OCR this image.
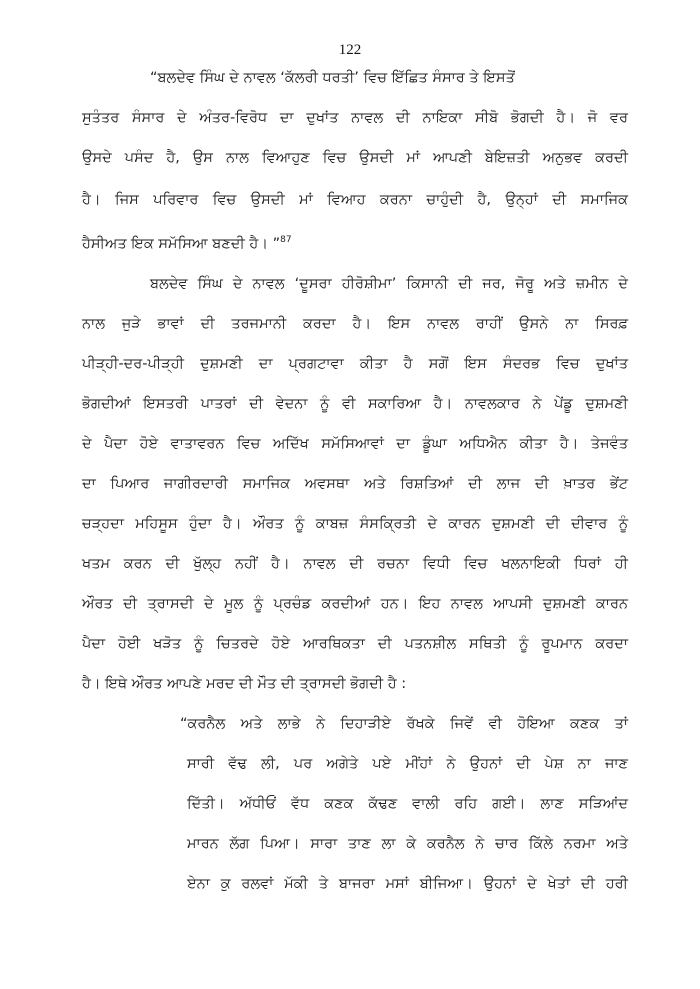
122
“ਬਲਦੇਵ ਸਿੰਘ ਦੇ ਨਾਵਲ ‘ਕੱਲਰੀ ਧਰਤੀ’ ਵਿਚ ਇੱਛਿਤ ਸੰਸਾਰ ਤੇ ਇਸਤੋਂ
ਸੁਤੰਤਰ ਸੰਸਾਰ ਦੇ ਅੰਤਰ-ਵਿਰੋਧ ਦਾ ਦੁਖਾਂਤ ਨਾਵਲ ਦੀ ਨਾਇਕਾ ਸੀਬੋ ਭੋਗਦੀ ਹੈ। ਜੋ ਵਰ
ਉਸਦੇ ਪਸੰਦ ਹੈ, ਉਸ ਨਾਲ ਵਿਆਹੁਣ ਵਿਚ ਉਸਦੀ ਮਾਂ ਆਪਣੀ ਬੇਇਜ਼ਤੀ ਅਨੁਭਵ ਕਰਦੀ
ਹੈ। ਜਿਸ ਪਰਿਵਾਰ ਵਿਚ ਉਸਦੀ ਮਾਂ ਵਿਆਹ ਕਰਨਾ ਚਾਹੁੰਦੀ ਹੈ, ਉਨ੍ਹਾਂ ਦੀ ਸਮਾਜਿਕ
ਹੈਸੀਅਤ ਇਕ ਸਮੱਸਿਆ ਬਣਦੀ ਹੈ। ”$^{87}$
ਬਲਦੇਵ ਸਿੰਘ ਦੇ ਨਾਵਲ ‘ਦੂਸਰਾ ਹੀਰੋਸ਼ੀਮਾ’ ਕਿਸਾਨੀ ਦੀ ਜਰ, ਜੋਰੂ ਅਤੇ ਜ਼ਮੀਨ ਦੇ
ਨਾਲ ਜੁੜੇ ਭਾਵਾਂ ਦੀ ਤਰਜਮਾਨੀ ਕਰਦਾ ਹੈ। ਇਸ ਨਾਵਲ ਰਾਹੀਂ ਉਸਨੇ ਨਾ ਸਿਰਫ਼
ਪੀੜ੍ਹੀ-ਦਰ-ਪੀੜ੍ਹੀ ਦੁਸ਼ਮਣੀ ਦਾ ਪ੍ਰਗਟਾਵਾ ਕੀਤਾ ਹੈ ਸਗੋਂ ਇਸ ਸੰਦਰਭ ਵਿਚ ਦੁਖਾਂਤ
ਭੋਗਦੀਆਂ ਇਸਤਰੀ ਪਾਤਰਾਂ ਦੀ ਵੇਦਨਾ ਨੂੰ ਵੀ ਸਕਾਰਿਆ ਹੈ। ਨਾਵਲਕਾਰ ਨੇ ਪੇਂਡੂ ਦੁਸ਼ਮਣੀ
ਦੇ ਪੈਦਾ ਹੋਏ ਵਾਤਾਵਰਨ ਵਿਚ ਅਦਿੱਖ ਸਮੱਸਿਆਵਾਂ ਦਾ ਡੂੰਘਾ ਅਧਿਐਨ ਕੀਤਾ ਹੈ। ਤੇਜਵੰਤ
ਦਾ ਪਿਆਰ ਜਾਗੀਰਦਾਰੀ ਸਮਾਜਿਕ ਅਵਸਥਾ ਅਤੇ ਰਿਸ਼ਤਿਆਂ ਦੀ ਲਾਜ ਦੀ ਖ਼ਾਤਰ ਭੇਂਟ
ਚੜ੍ਹਦਾ ਮਹਿਸੂਸ ਹੁੰਦਾ ਹੈ। ਔਰਤ ਨੂੰ ਕਾਬਜ਼ ਸੰਸਕ੍ਰਿਤੀ ਦੇ ਕਾਰਨ ਦੁਸ਼ਮਣੀ ਦੀ ਦੀਵਾਰ ਨੂੰ
ਖਤਮ ਕਰਨ ਦੀ ਖੁੱਲ੍ਹ ਨਹੀਂ ਹੈ। ਨਾਵਲ ਦੀ ਰਚਨਾ ਵਿਧੀ ਵਿਚ ਖਲਨਾਇਕੀ ਧਿਰਾਂ ਹੀ
ਔਰਤ ਦੀ ਤ੍ਰਾਸਦੀ ਦੇ ਮੂਲ ਨੂੰ ਪ੍ਰਚੰਡ ਕਰਦੀਆਂ ਹਨ। ਇਹ ਨਾਵਲ ਆਪਸੀ ਦੁਸ਼ਮਣੀ ਕਾਰਨ
ਪੈਦਾ ਹੋਈ ਖੜੋਤ ਨੂੰ ਚਿਤਰਦੇ ਹੋਏ ਆਰਥਿਕਤਾ ਦੀ ਪਤਨਸ਼ੀਲ ਸਥਿਤੀ ਨੂੰ ਰੂਪਮਾਨ ਕਰਦਾ
ਹੈ। ਇਥੇ ਔਰਤ ਆਪਣੇ ਮਰਦ ਦੀ ਮੌਤ ਦੀ ਤ੍ਰਾਸਦੀ ਭੋਗਦੀ ਹੈ :
“ਕਰਨੈਲ ਅਤੇ ਲਾਭੇ ਨੇ ਦਿਹਾੜੀਏ ਰੱਖਕੇ ਜਿਵੇਂ ਵੀ ਹੋਇਆ ਕਣਕ ਤਾਂ
ਸਾਰੀ ਵੱਢ ਲੀ, ਪਰ ਅਗੇਤੇ ਪਏ ਮੀਂਹਾਂ ਨੇ ਉਹਨਾਂ ਦੀ ਪੇਸ਼ ਨਾ ਜਾਣ
ਦਿੱਤੀ। ਅੱਧੀਓਂ ਵੱਧ ਕਣਕ ਕੱਢਣ ਵਾਲੀ ਰਹਿ ਗਈ। ਲਾਣ ਸੜਿਆਂਦ
ਮਾਰਨ ਲੱਗ ਪਿਆ। ਸਾਰਾ ਤਾਣ ਲਾ ਕੇ ਕਰਨੈਲ ਨੇ ਚਾਰ ਕਿੱਲੇ ਨਰਮਾ ਅਤੇ
ਏਨਾ ਕੁ ਰਲਵਾਂ ਮੱਕੀ ਤੇ ਬਾਜਰਾ ਮਸਾਂ ਬੀਜਿਆ। ਉਹਨਾਂ ਦੇ ਖੇਤਾਂ ਦੀ ਹਰੀ
